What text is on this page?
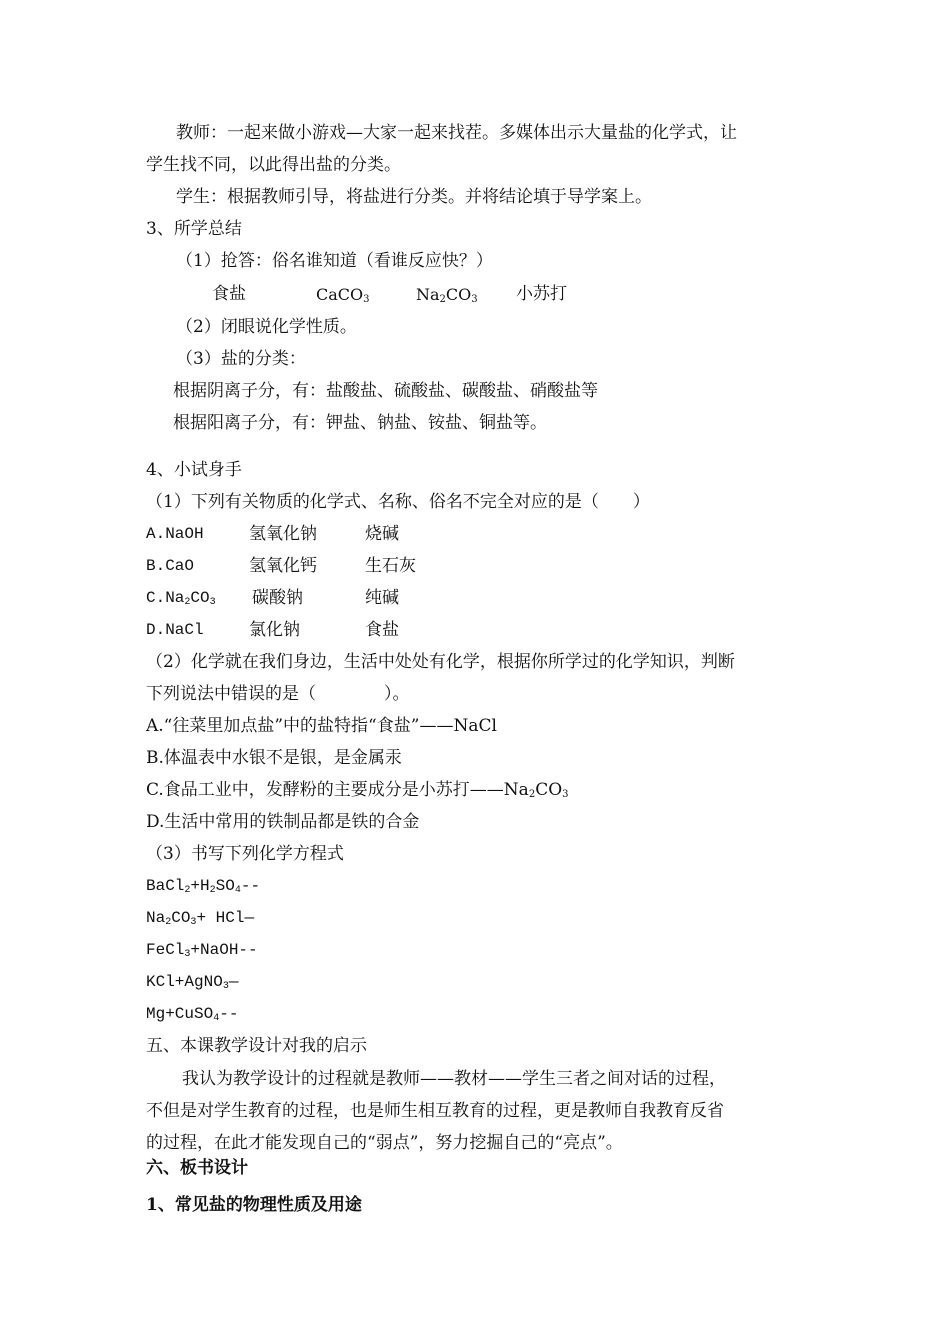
教师：一起来做小游戏—大家一起来找茬。多媒体出示大量盐的化学式，让
学生找不同，以此得出盐的分类。
学生：根据教师引导，将盐进行分类。并将结论填于导学案上。
3、所学总结
（1）抢答：俗名谁知道（看谁反应快？）
食盐	CaCO$_3$	$Na_2CO_3$ 小苏打
（2）闭眼说化学性质。
（3）盐的分类：
根据阴离子分，有：盐酸盐、硫酸盐、碳酸盐、硝酸盐等
根据阳离子分，有：钾盐、钠盐、铵盐、铜盐等。
4、小试身手
（1）下列有关物质的化学式、名称、俗名不完全对应的是（　　）
A.NaOH	氢氧化钠	烧碱
B.CaO	氢氧化钙	生石灰
$C.Na_2CO_3$ 碳酸钠	纯碱
D.NaCl	氯化钠	食盐
（2）化学就在我们身边，生活中处处有化学，根据你所学过的化学知识，判断
下列说法中错误的是（　　　　）。
A.“往菜里加点盐”中的盐特指“食盐”——NaCl
B.体温表中水银不是银，是金属汞
C.食品工业中，发酵粉的主要成分是小苏打$——Na_2CO_3$
D.生活中常用的铁制品都是铁的合金
（3）书写下列化学方程式
$BaCl_2+H_2SO_4--$
$Na_2CO_3+$ HCl—
FeCl$_3$+NaOH--
KCl+AgNO$_3$—
Mg+CuSO$_4$--
五、本课教学设计对我的启示
我认为教学设计的过程就是教师——教材——学生三者之间对话的过程，
不但是对学生教育的过程，也是师生相互教育的过程，更是教师自我教育反省
的过程，在此才能发现自己的“弱点”，努力挖掘自己的“亮点”。
六、板书设计
1、常见盐的物理性质及用途
